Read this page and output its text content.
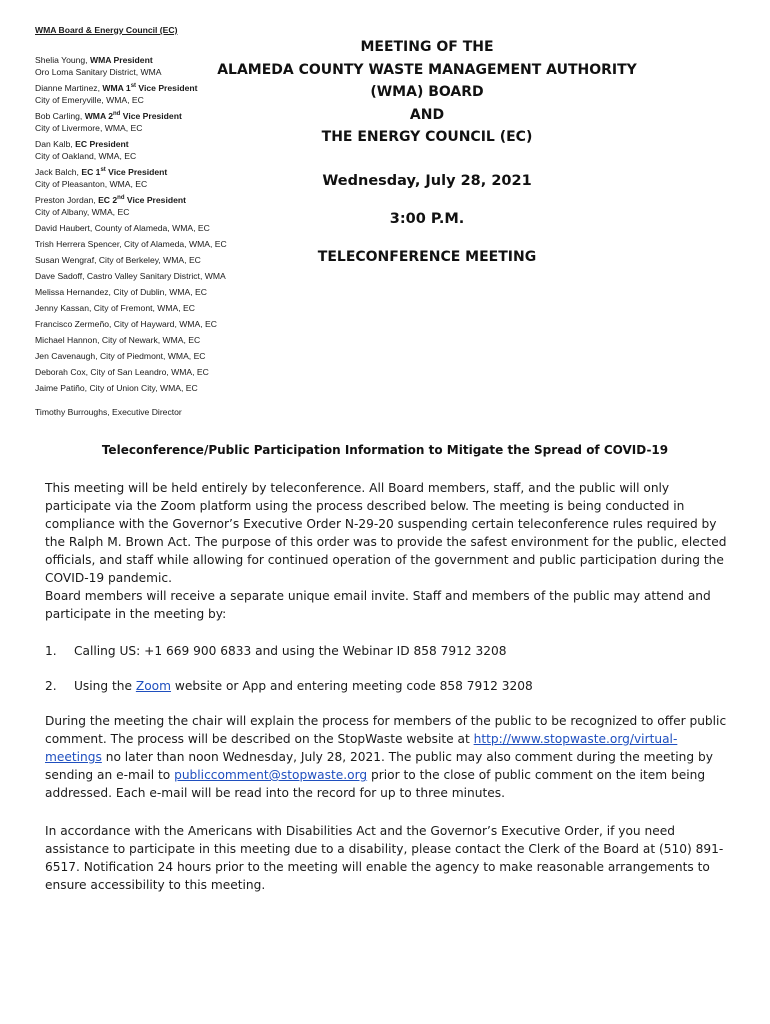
WMA Board & Energy Council (EC)
Shelia Young, WMA President
Oro Loma Sanitary District, WMA
Dianne Martinez, WMA 1st Vice President
City of Emeryville, WMA, EC
Bob Carling, WMA 2nd Vice President
City of Livermore, WMA, EC
Dan Kalb, EC President
City of Oakland, WMA, EC
Jack Balch, EC 1st Vice President
City of Pleasanton, WMA, EC
Preston Jordan, EC 2nd Vice President
City of Albany, WMA, EC
David Haubert, County of Alameda, WMA, EC
Trish Herrera Spencer, City of Alameda, WMA, EC
Susan Wengraf, City of Berkeley, WMA, EC
Dave Sadoff, Castro Valley Sanitary District, WMA
Melissa Hernandez, City of Dublin, WMA, EC
Jenny Kassan, City of Fremont, WMA, EC
Francisco Zermeño, City of Hayward, WMA, EC
Michael Hannon, City of Newark, WMA, EC
Jen Cavenaugh, City of Piedmont, WMA, EC
Deborah Cox, City of San Leandro, WMA, EC
Jaime Patiño, City of Union City, WMA, EC
Timothy Burroughs, Executive Director
MEETING OF THE
ALAMEDA COUNTY WASTE MANAGEMENT AUTHORITY
(WMA) BOARD
AND
THE ENERGY COUNCIL (EC)
Wednesday, July 28, 2021
3:00 P.M.
TELECONFERENCE MEETING
Teleconference/Public Participation Information to Mitigate the Spread of COVID-19
This meeting will be held entirely by teleconference. All Board members, staff, and the public will only participate via the Zoom platform using the process described below. The meeting is being conducted in compliance with the Governor’s Executive Order N-29-20 suspending certain teleconference rules required by the Ralph M. Brown Act. The purpose of this order was to provide the safest environment for the public, elected officials, and staff while allowing for continued operation of the government and public participation during the COVID-19 pandemic.
Board members will receive a separate unique email invite. Staff and members of the public may attend and participate in the meeting by:
1. Calling US: +1 669 900 6833 and using the Webinar ID 858 7912 3208
2. Using the Zoom website or App and entering meeting code 858 7912 3208
During the meeting the chair will explain the process for members of the public to be recognized to offer public comment. The process will be described on the StopWaste website at http://www.stopwaste.org/virtual-meetings no later than noon Wednesday, July 28, 2021. The public may also comment during the meeting by sending an e-mail to publiccomment@stopwaste.org prior to the close of public comment on the item being addressed. Each e-mail will be read into the record for up to three minutes.
In accordance with the Americans with Disabilities Act and the Governor’s Executive Order, if you need assistance to participate in this meeting due to a disability, please contact the Clerk of the Board at (510) 891-6517. Notification 24 hours prior to the meeting will enable the agency to make reasonable arrangements to ensure accessibility to this meeting.
